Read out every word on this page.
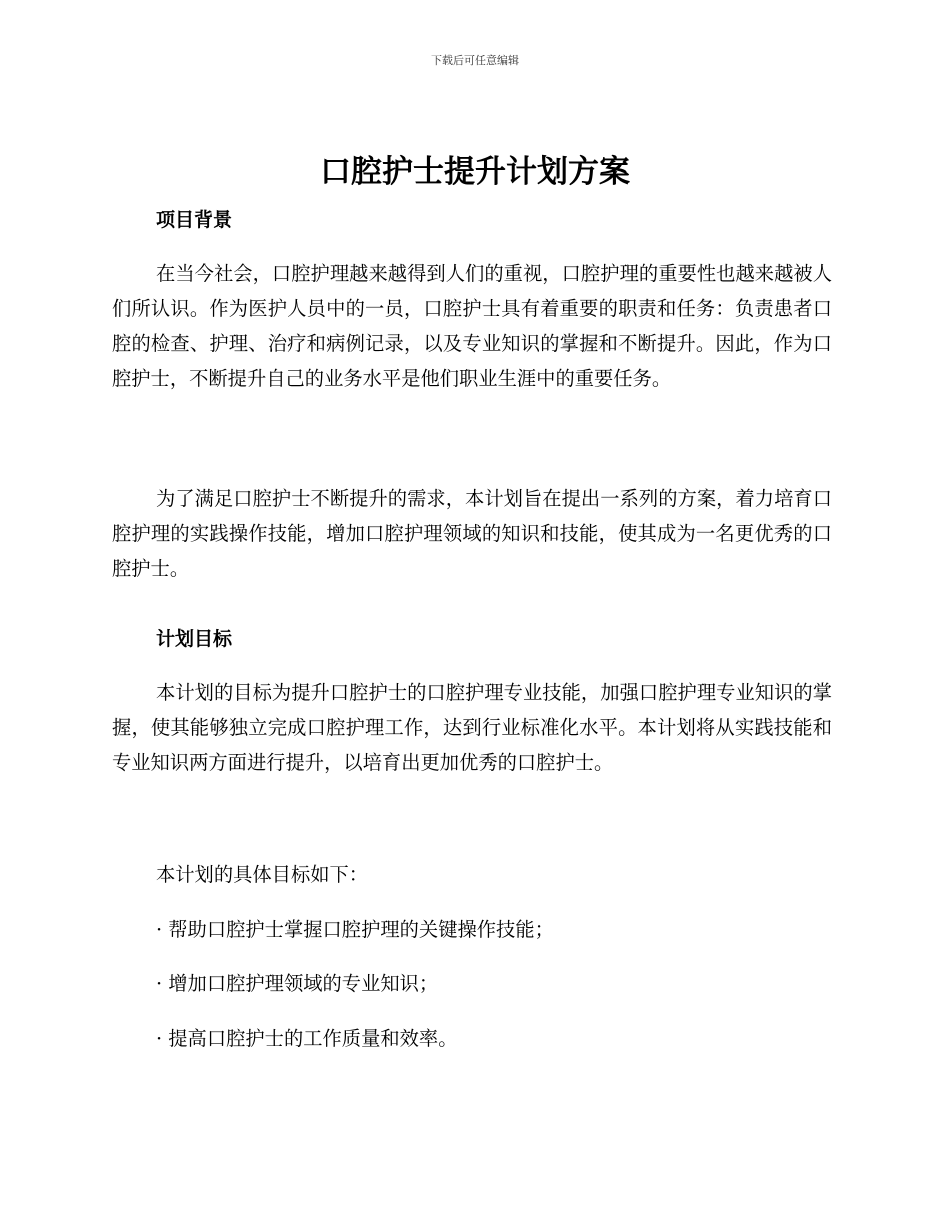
下载后可任意编辑
口腔护士提升计划方案
项目背景

在当今社会，口腔护理越来越得到人们的重视，口腔护理的重要性也越来越被人们所认识。作为医护人员中的一员，口腔护士具有着重要的职责和任务：负责患者口腔的检查、护理、治疗和病例记录，以及专业知识的掌握和不断提升。因此，作为口腔护士，不断提升自己的业务水平是他们职业生涯中的重要任务。

为了满足口腔护士不断提升的需求，本计划旨在提出一系列的方案，着力培育口腔护理的实践操作技能，增加口腔护理领域的知识和技能，使其成为一名更优秀的口腔护士。

计划目标

本计划的目标为提升口腔护士的口腔护理专业技能，加强口腔护理专业知识的掌握，使其能够独立完成口腔护理工作，达到行业标准化水平。本计划将从实践技能和专业知识两方面进行提升，以培育出更加优秀的口腔护士。

本计划的具体目标如下：

· 帮助口腔护士掌握口腔护理的关键操作技能；

· 增加口腔护理领域的专业知识；

· 提高口腔护士的工作质量和效率。
